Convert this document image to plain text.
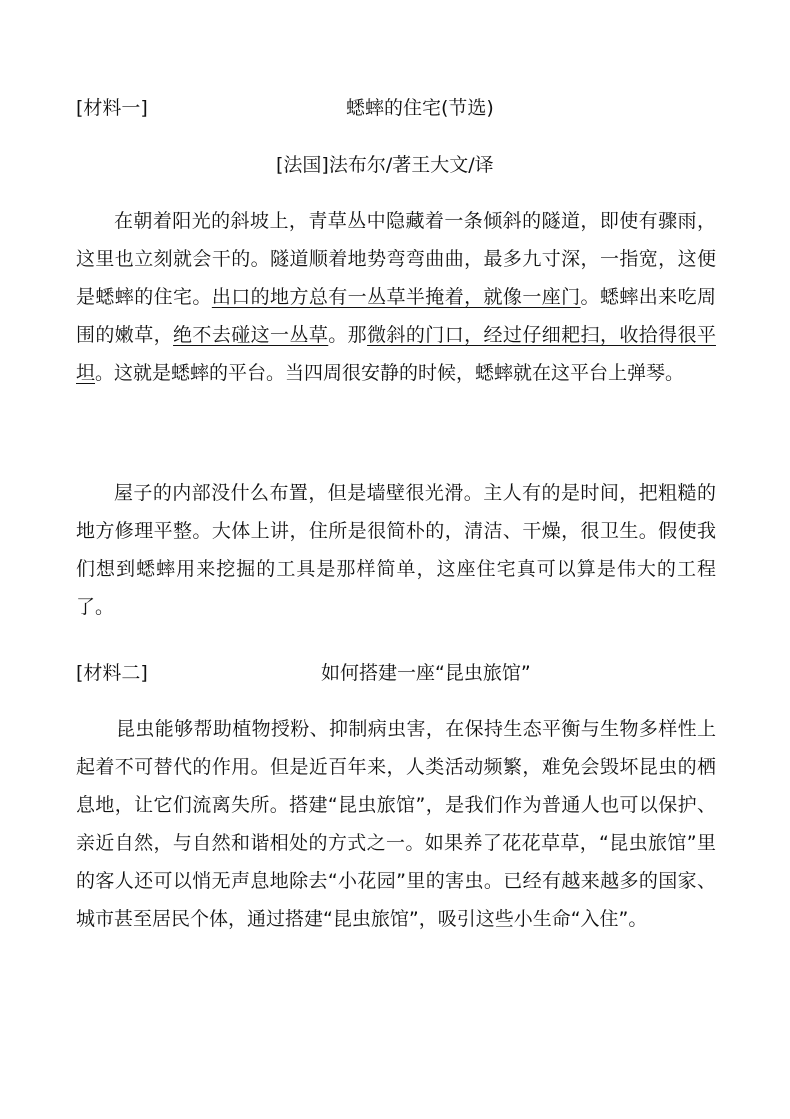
[材料一]	蟋蟀的住宅(节选)
[法国]法布尔/著王大文/译

在朝着阳光的斜坡上，青草丛中隐藏着一条倾斜的隧道，即使有骤雨，这里也立刻就会干的。隧道顺着地势弯弯曲曲，最多九寸深，一指宽，这便是蟋蟀的住宅。出口的地方总有一丛草半掩着，就像一座门。蟋蟀出来吃周围的嫩草，绝不去碰这一丛草。那微斜的门口，经过仔细耙扫，收拾得很平坦。这就是蟋蟀的平台。当四周很安静的时候，蟋蟀就在这平台上弹琴。

屋子的内部没什么布置，但是墙壁很光滑。主人有的是时间，把粗糙的地方修理平整。大体上讲，住所是很简朴的，清洁、干燥，很卫生。假使我们想到蟋蟀用来挖掘的工具是那样简单，这座住宅真可以算是伟大的工程了。

[材料二]	如何搭建一座“昆虫旅馆”

昆虫能够帮助植物授粉、抑制病虫害，在保持生态平衡与生物多样性上起着不可替代的作用。但是近百年来，人类活动频繁，难免会毁坏昆虫的栖息地，让它们流离失所。搭建“昆虫旅馆”，是我们作为普通人也可以保护、亲近自然，与自然和谐相处的方式之一。如果养了花花草草，“昆虫旅馆”里的客人还可以悄无声息地除去“小花园”里的害虫。已经有越来越多的国家、城市甚至居民个体，通过搭建“昆虫旅馆”，吸引这些小生命“入住”。
